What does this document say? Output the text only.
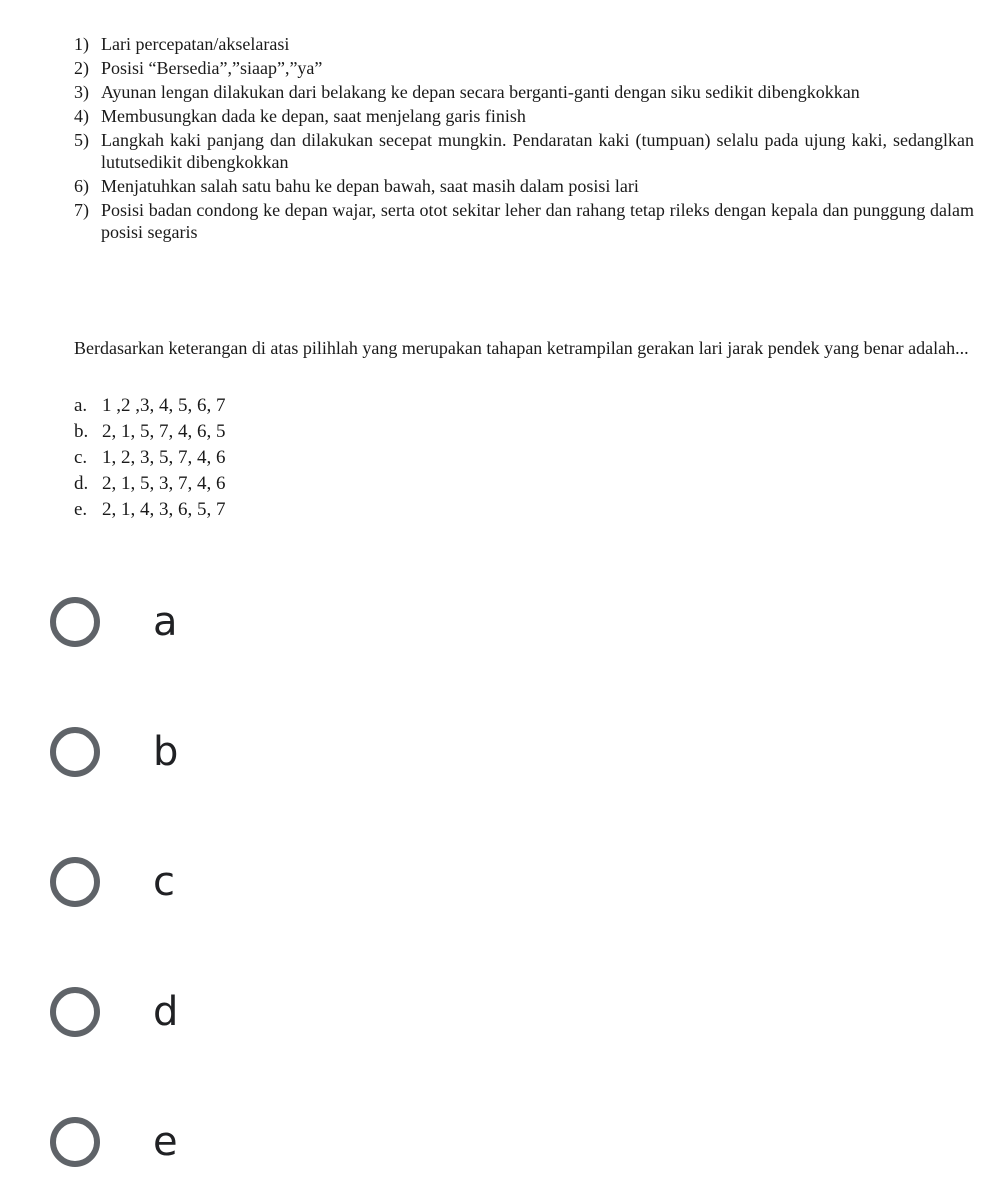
1) Lari percepatan/akselarasi
2) Posisi “Bersedia”,”siaap”,”ya”
3) Ayunan lengan dilakukan dari belakang ke depan secara berganti-ganti dengan siku sedikit dibengkokkan
4) Membusungkan dada ke depan, saat menjelang garis finish
5) Langkah kaki panjang dan dilakukan secepat mungkin. Pendaratan kaki (tumpuan) selalu pada ujung kaki, sedanglkan lututsedikit dibengkokkan
6) Menjatuhkan salah satu bahu ke depan bawah, saat masih dalam posisi lari
7) Posisi badan condong ke depan wajar, serta otot sekitar leher dan rahang tetap rileks dengan kepala dan punggung dalam posisi segaris
Berdasarkan keterangan di atas pilihlah yang merupakan tahapan ketrampilan gerakan lari jarak pendek yang benar adalah...
a. 1 ,2 ,3, 4, 5, 6, 7
b. 2, 1, 5, 7, 4, 6, 5
c. 1, 2, 3, 5, 7, 4, 6
d. 2, 1, 5, 3, 7, 4, 6
e. 2, 1, 4, 3, 6, 5, 7
a
b
c
d
e
